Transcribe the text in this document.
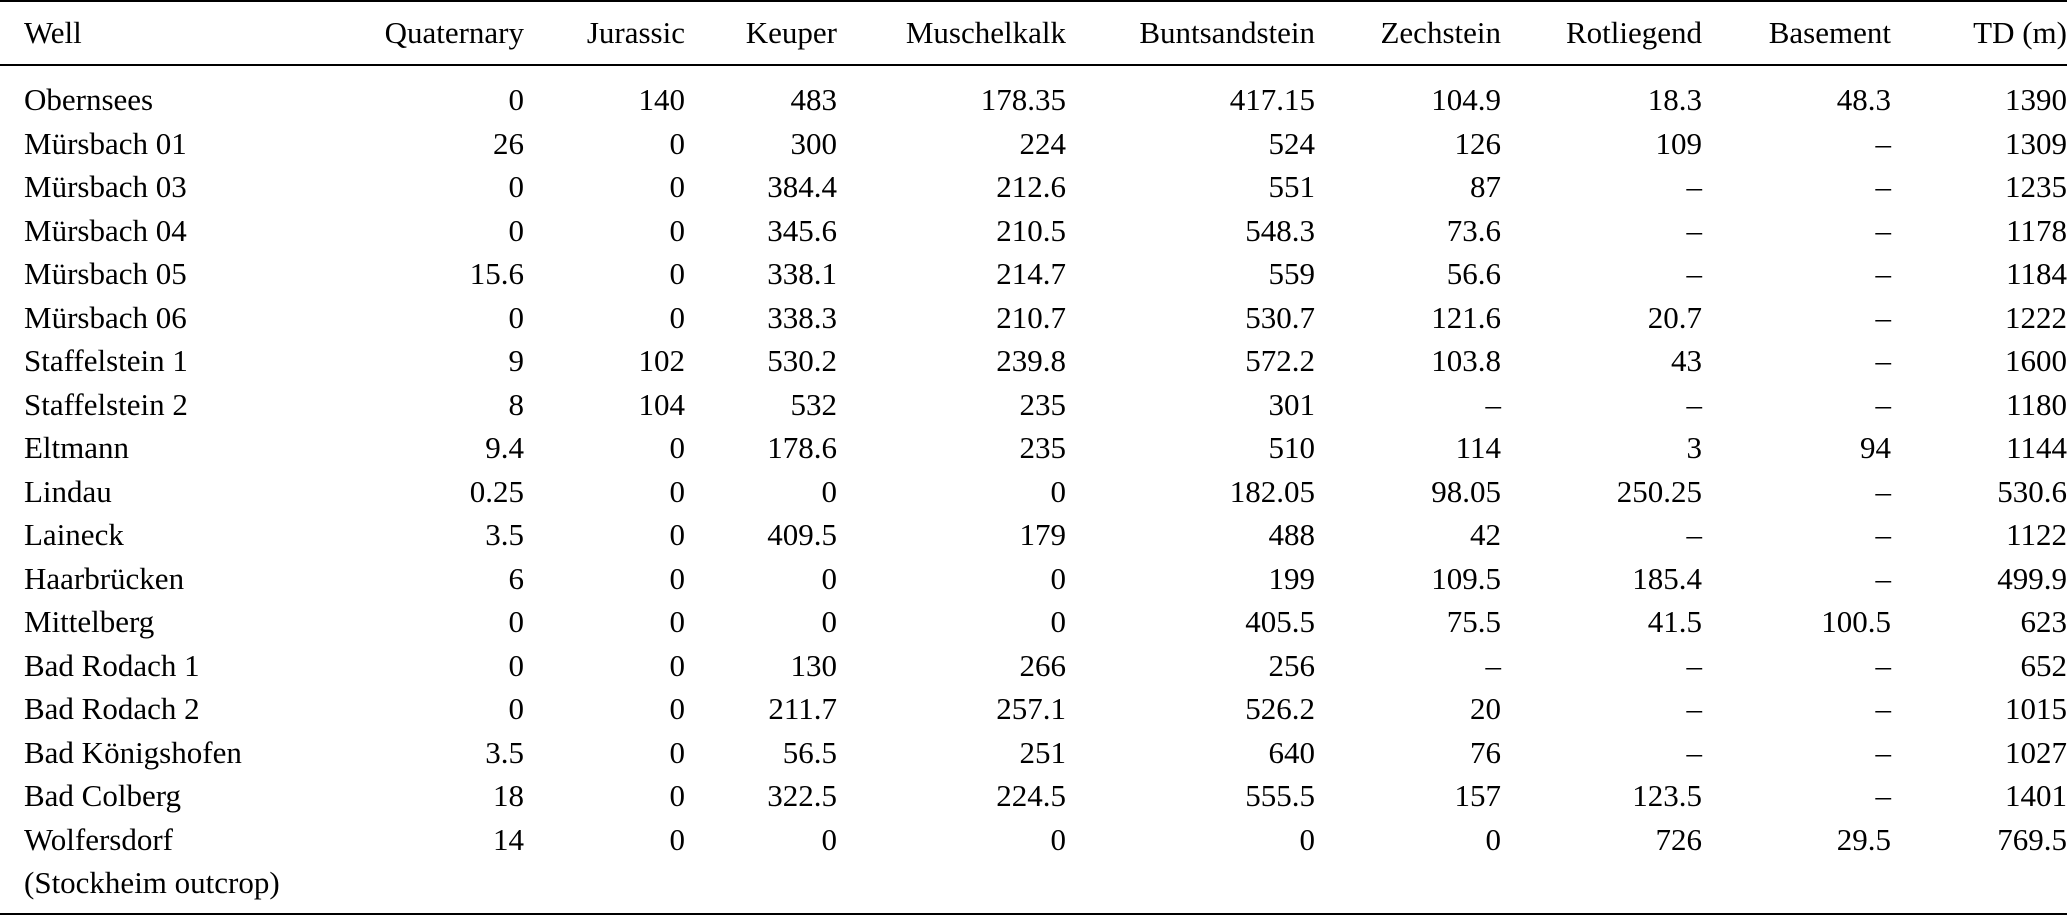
Well	Quaternary	Jurassic	Keuper	Muschelkalk	Buntsandstein	Zechstein	Rotliegend	Basement	TD (m)

Obernsees	0	140	483	178.35	417.15	104.9	18.3	48.3	1390

Mürsbach 01	26	0	300	224	524	126	109	–	1309

Mürsbach 03	0	0	384.4	212.6	551	87	–	–	1235

Mürsbach 04	0	0	345.6	210.5	548.3	73.6	–	–	1178

Mürsbach 05	15.6	0	338.1	214.7	559	56.6	–	–	1184

Mürsbach 06	0	0	338.3	210.7	530.7	121.6	20.7	–	1222

Staffelstein 1	9	102	530.2	239.8	572.2	103.8	43	–	1600

Staffelstein 2	8	104	532	235	301	–	–	–	1180

Eltmann	9.4	0	178.6	235	510	114	3	94	1144

Lindau	0.25	0	0	0	182.05	98.05	250.25	–	530.6

Laineck	3.5	0	409.5	179	488	42	–	–	1122

Haarbrücken	6	0	0	0	199	109.5	185.4	–	499.9

Mittelberg	0	0	0	0	405.5	75.5	41.5	100.5	623

Bad Rodach 1	0	0	130	266	256	–	–	–	652

Bad Rodach 2	0	0	211.7	257.1	526.2	20	–	–	1015

Bad Königshofen	3.5	0	56.5	251	640	76	–	–	1027

Bad Colberg	18	0	322.5	224.5	555.5	157	123.5	–	1401

Wolfersdorf
(Stockheim outcrop)	14	0	0	0	0	0	726	29.5	769.5
